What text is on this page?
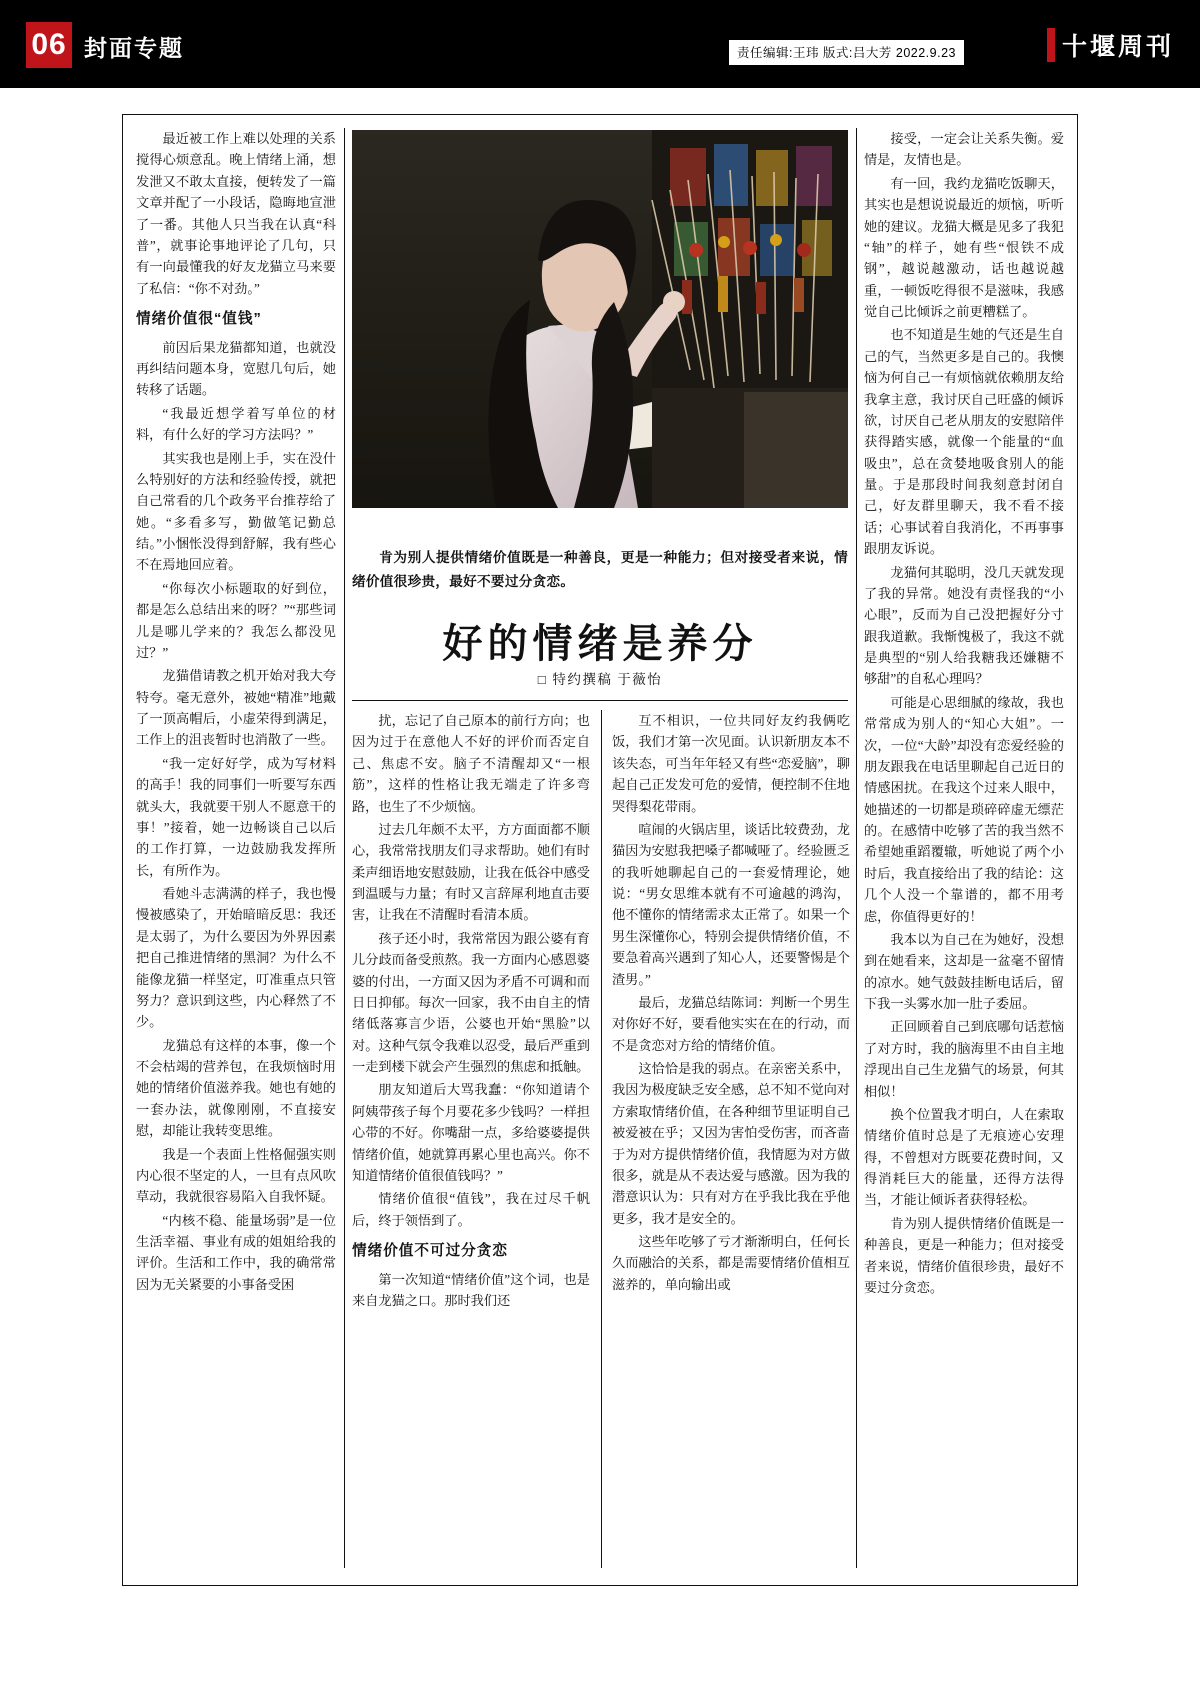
06 封面专题	责任编辑:王玮 版式:吕大芳 2022.9.23	十堰周刊
肯为别人提供情绪价值既是一种善良，更是一种能力；但对接受者来说，情绪价值很珍贵，最好不要过分贪恋。
好的情绪是养分
□ 特约撰稿 于薇怡

最近被工作上难以处理的关系搅得心烦意乱。晚上情绪上涌，想发泄又不敢太直接，便转发了一篇文章并配了一小段话，隐晦地宣泄了一番。其他人只当我在认真“科普”，就事论事地评论了几句，只有一向最懂我的好友龙猫立马来要了私信：“你不对劲。”

情绪价值很“值钱”

前因后果龙猫都知道，也就没再纠结问题本身，宽慰几句后，她转移了话题。

“我最近想学着写单位的材料，有什么好的学习方法吗？”

其实我也是刚上手，实在没什么特别好的方法和经验传授，就把自己常看的几个政务平台推荐给了她。“多看多写，勤做笔记勤总结。”小悃怅没得到舒解，我有些心不在焉地回应着。

“你每次小标题取的好到位，都是怎么总结出来的呀？”“那些词儿是哪儿学来的？我怎么都没见过？”

龙猫借请教之机开始对我大夸特夸。毫无意外，被她“精准”地戴了一顶高帽后，小虚荣得到满足，工作上的沮丧暂时也消散了一些。

“我一定好好学，成为写材料的高手！我的同事们一听要写东西就头大，我就要干别人不愿意干的事！”接着，她一边畅谈自己以后的工作打算，一边鼓励我发挥所长，有所作为。

看她斗志满满的样子，我也慢慢被感染了，开始暗暗反思：我还是太弱了，为什么要因为外界因素把自己推进情绪的黑洞？为什么不能像龙猫一样坚定，叮准重点只管努力？意识到这些，内心释然了不少。

龙猫总有这样的本事，像一个不会枯竭的营养包，在我烦恼时用她的情绪价值滋养我。她也有她的一套办法，就像刚刚，不直接安慰，却能让我转变思维。

我是一个表面上性格倔强实则内心很不坚定的人，一旦有点风吹草动，我就很容易陷入自我怀疑。

“内核不稳、能量场弱”是一位生活幸福、事业有成的姐姐给我的评价。生活和工作中，我的确常常因为无关紧要的小事备受困

扰，忘记了自己原本的前行方向；也因为过于在意他人不好的评价而否定自己、焦虑不安。脑子不清醒却又“一根筋”，这样的性格让我无端走了许多弯路，也生了不少烦恼。

过去几年颇不太平，方方面面都不顺心，我常常找朋友们寻求帮助。她们有时柔声细语地安慰鼓励，让我在低谷中感受到温暖与力量；有时又言辞犀利地直击要害，让我在不清醒时看清本质。

孩子还小时，我常常因为跟公婆有育儿分歧而备受煎熬。我一方面内心感恩婆婆的付出，一方面又因为矛盾不可调和而日日抑郁。每次一回家，我不由自主的情绪低落寡言少语，公婆也开始“黑脸”以对。这种气氛令我难以忍受，最后严重到一走到楼下就会产生强烈的焦虑和抵触。

朋友知道后大骂我蠢：“你知道请个阿姨带孩子每个月要花多少钱吗？一样担心带的不好。你嘴甜一点，多给婆婆提供情绪价值，她就算再累心里也高兴。你不知道情绪价值很值钱吗？”

情绪价值很“值钱”，我在过尽千帆后，终于领悟到了。

情绪价值不可过分贪恋

第一次知道“情绪价值”这个词，也是来自龙猫之口。那时我们还

互不相识，一位共同好友约我俩吃饭，我们才第一次见面。认识新朋友本不该失态，可当年年轻又有些“恋爱脑”，聊起自己正发发可危的爱情，便控制不住地哭得梨花带雨。

喧闹的火锅店里，谈话比较费劲，龙猫因为安慰我把嗓子都喊哑了。经验匮乏的我听她聊起自己的一套爱情理论，她说：“男女思维本就有不可逾越的鸿沟，他不懂你的情绪需求太正常了。如果一个男生深懂你心，特别会提供情绪价值，不要急着高兴遇到了知心人，还要警惕是个渣男。”

最后，龙猫总结陈词：判断一个男生对你好不好，要看他实实在在的行动，而不是贪恋对方给的情绪价值。

这恰恰是我的弱点。在亲密关系中，我因为极度缺乏安全感，总不知不觉向对方索取情绪价值，在各种细节里证明自己被爱被在乎；又因为害怕受伤害，而吝啬于为对方提供情绪价值，我情愿为对方做很多，就是从不表达爱与感激。因为我的潜意识认为：只有对方在乎我比我在乎他更多，我才是安全的。

这些年吃够了亏才渐渐明白，任何长久而融洽的关系，都是需要情绪价值相互滋养的，单向输出或

接受，一定会让关系失衡。爱情是，友情也是。

有一回，我约龙猫吃饭聊天，其实也是想说说最近的烦恼，听听她的建议。龙猫大概是见多了我犯“轴”的样子，她有些“恨铁不成钢”，越说越激动，话也越说越重，一顿饭吃得很不是滋味，我感觉自己比倾诉之前更糟糕了。

也不知道是生她的气还是生自己的气，当然更多是自己的。我懊恼为何自己一有烦恼就依赖朋友给我拿主意，我讨厌自己旺盛的倾诉欲，讨厌自己老从朋友的安慰陪伴获得踏实感，就像一个能量的“血吸虫”，总在贪婪地吸食别人的能量。于是那段时间我刻意封闭自己，好友群里聊天，我不看不接话；心事试着自我消化，不再事事跟朋友诉说。

龙猫何其聪明，没几天就发现了我的异常。她没有责怪我的“小心眼”，反而为自己没把握好分寸跟我道歉。我惭愧极了，我这不就是典型的“别人给我糖我还嫌糖不够甜”的自私心理吗？

可能是心思细腻的缘故，我也常常成为别人的“知心大姐”。一次，一位“大龄”却没有恋爱经验的朋友跟我在电话里聊起自己近日的情感困扰。在我这个过来人眼中，她描述的一切都是琐碎碎虚无缥茫的。在感情中吃够了苦的我当然不希望她重蹈覆辙，听她说了两个小时后，我直接给出了我的结论：这几个人没一个靠谱的，都不用考虑，你值得更好的！

我本以为自己在为她好，没想到在她看来，这却是一盆毫不留情的凉水。她气鼓鼓挂断电话后，留下我一头雾水加一肚子委屈。

正回顾着自己到底哪句话惹恼了对方时，我的脑海里不由自主地浮现出自己生龙猫气的场景，何其相似！

换个位置我才明白，人在索取情绪价值时总是了无痕迹心安理得，不曾想对方既要花费时间，又得消耗巨大的能量，还得方法得当，才能让倾诉者获得轻松。

肯为别人提供情绪价值既是一种善良，更是一种能力；但对接受者来说，情绪价值很珍贵，最好不要过分贪恋。
